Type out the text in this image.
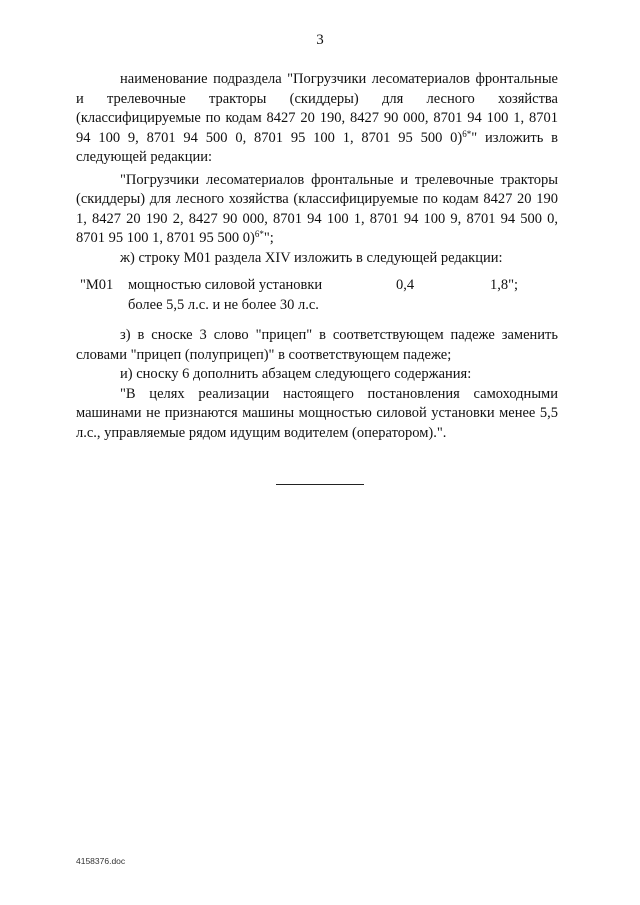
3

наименование подраздела "Погрузчики лесоматериалов фронтальные и трелевочные тракторы (скиддеры) для лесного хозяйства (классифицируемые по кодам 8427 20 190, 8427 90 000, 8701 94 100 1, 8701 94 100 9, 8701 94 500 0, 8701 95 100 1, 8701 95 500 0)$^{6*}$" изложить в следующей редакции:

"Погрузчики лесоматериалов фронтальные и трелевочные тракторы (скиддеры) для лесного хозяйства (классифицируемые по кодам 8427 20 190 1, 8427 20 190 2, 8427 90 000, 8701 94 100 1, 8701 94 100 9, 8701 94 500 0, 8701 95 100 1, 8701 95 500 0)$^{6*}$";

ж) строку М01 раздела XIV изложить в следующей редакции:

"М01 мощностью силовой установки
более 5,5 л.с. и не более 30 л.с.
0,4	1,8";

з) в сноске 3 слово "прицеп" в соответствующем падеже заменить словами "прицеп (полуприцеп)" в соответствующем падеже;

и) сноску 6 дополнить абзацем следующего содержания:

"В целях реализации настоящего постановления самоходными машинами не признаются машины мощностью силовой установки менее 5,5 л.с., управляемые рядом идущим водителем (оператором).".

4158376.doc
